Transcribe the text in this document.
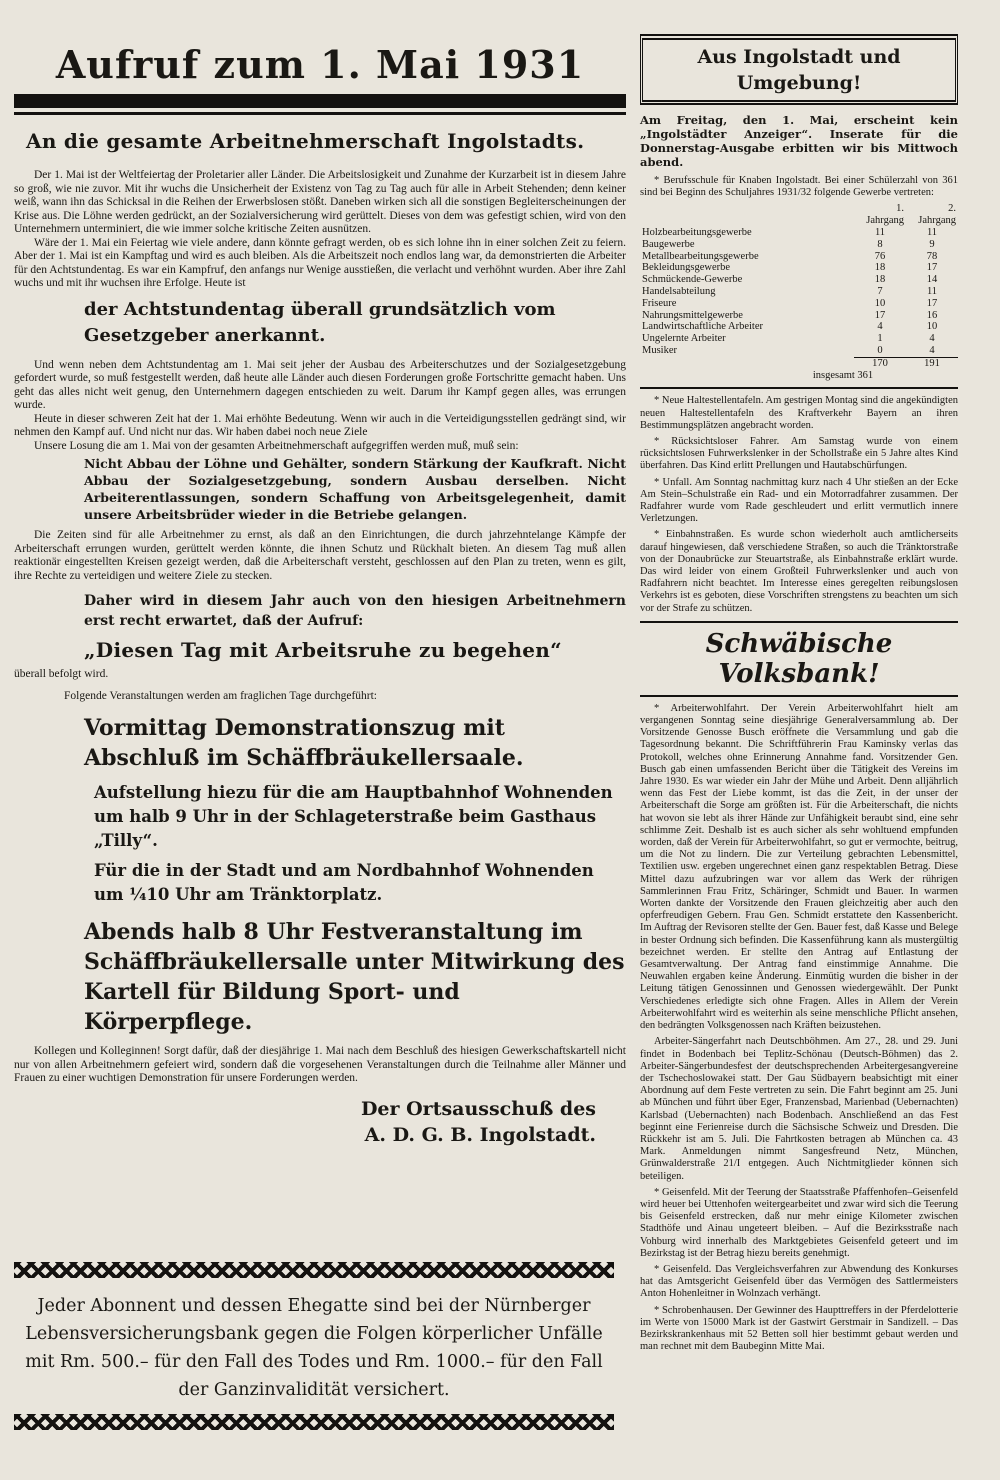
Aufruf zum 1. Mai 1931
An die gesamte Arbeitnehmerschaft Ingolstadts.

Der 1. Mai ist der Weltfeiertag der Proletarier aller Länder. Die Arbeitslosigkeit und Zunahme der Kurzarbeit ist in diesem Jahre so groß, wie nie zuvor. Mit ihr wuchs die Unsicherheit der Existenz von Tag zu Tag auch für alle in Arbeit Stehenden; denn keiner weiß, wann ihn das Schicksal in die Reihen der Erwerbslosen stößt. Daneben wirken sich all die sonstigen Begleiterscheinungen der Krise aus. Die Löhne werden gedrückt, an der Sozialversicherung wird gerüttelt. Dieses von dem was gefestigt schien, wird von den Unternehmern unterminiert, die wie immer solche kritische Zeiten ausnützen.

Wäre der 1. Mai ein Feiertag wie viele andere, dann könnte gefragt werden, ob es sich lohne ihn in einer solchen Zeit zu feiern. Aber der 1. Mai ist ein Kampftag und wird es auch bleiben. Als die Arbeitszeit noch endlos lang war, da demonstrierten die Arbeiter für den Achtstundentag. Es war ein Kampfruf, den anfangs nur Wenige ausstießen, die verlacht und verhöhnt wurden. Aber ihre Zahl wuchs und mit ihr wuchsen ihre Erfolge. Heute ist

der Achtstundentag überall grundsätzlich vom Gesetzgeber anerkannt.

Und wenn neben dem Achtstundentag am 1. Mai seit jeher der Ausbau des Arbeiterschutzes und der Sozialgesetzgebung gefordert wurde, so muß festgestellt werden, daß heute alle Länder auch diesen Forderungen große Fortschritte gemacht haben. Uns geht das alles nicht weit genug, den Unternehmern dagegen entschieden zu weit. Darum ihr Kampf gegen alles, was errungen wurde.

Heute in dieser schweren Zeit hat der 1. Mai erhöhte Bedeutung. Wenn wir auch in die Verteidigungsstellen gedrängt sind, wir nehmen den Kampf auf. Und nicht nur das. Wir haben dabei noch neue Ziele

Unsere Losung die am 1. Mai von der gesamten Arbeitnehmerschaft aufgegriffen werden muß, muß sein:

Nicht Abbau der Löhne und Gehälter, sondern Stärkung der Kaufkraft. Nicht Abbau der Sozialgesetzgebung, sondern Ausbau derselben. Nicht Arbeiterentlassungen, sondern Schaffung von Arbeitsgelegenheit, damit unsere Arbeitsbrüder wieder in die Betriebe gelangen.

Die Zeiten sind für alle Arbeitnehmer zu ernst, als daß an den Einrichtungen, die durch jahrzehntelange Kämpfe der Arbeiterschaft errungen wurden, gerüttelt werden könnte, die ihnen Schutz und Rückhalt bieten. An diesem Tag muß allen reaktionär eingestellten Kreisen gezeigt werden, daß die Arbeiterschaft versteht, geschlossen auf den Plan zu treten, wenn es gilt, ihre Rechte zu verteidigen und weitere Ziele zu stecken.

Daher wird in diesem Jahr auch von den hiesigen Arbeitnehmern erst recht erwartet, daß der Aufruf:
„Diesen Tag mit Arbeitsruhe zu begehen“

überall befolgt wird.

Folgende Veranstaltungen werden am fraglichen Tage durchgeführt:

Vormittag Demonstrationszug mit Abschluß im Schäffbräukellersaale.
Aufstellung hiezu für die am Hauptbahnhof Wohnenden um halb 9 Uhr in der Schlageterstraße beim Gasthaus „Tilly“.
Für die in der Stadt und am Nordbahnhof Wohnenden um ¼10 Uhr am Tränktorplatz.
Abends halb 8 Uhr Festveranstaltung im Schäffbräukellersalle unter Mitwirkung des Kartell für Bildung Sport- und Körperpflege.

Kollegen und Kolleginnen! Sorgt dafür, daß der diesjährige 1. Mai nach dem Beschluß des hiesigen Gewerkschaftskartell nicht nur von allen Arbeitnehmern gefeiert wird, sondern daß die vorgesehenen Veranstaltungen durch die Teilnahme aller Männer und Frauen zu einer wuchtigen Demonstration für unsere Forderungen werden.

Der Ortsausschuß des
A. D. G. B. Ingolstadt.
Jeder Abonnent und dessen Ehegatte sind bei der Nürnberger Lebensversicherungsbank gegen die Folgen körperlicher Unfälle mit Rm. 500.– für den Fall des Todes und Rm. 1000.– für den Fall der Ganzinvalidität versichert.
Aus Ingolstadt und Umgebung!
Am Freitag, den 1. Mai, erscheint kein „Ingolstädter Anzeiger“. Inserate für die Donnerstag-Ausgabe erbitten wir bis Mittwoch abend.

* Berufsschule für Knaben Ingolstadt. Bei einer Schülerzahl von 361 sind bei Beginn des Schuljahres 1931/32 folgende Gewerbe vertreten:

	1. Jahrgang	2. Jahrgang
Holzbearbeitungsgewerbe	11	11
Baugewerbe	8	9
Metallbearbeitungsgewerbe	76	78
Bekleidungsgewerbe	18	17
Schmückende-Gewerbe	18	14
Handelsabteilung	7	11
Friseure	10	17
Nahrungsmittelgewerbe	17	16
Landwirtschaftliche Arbeiter	4	10
Ungelernte Arbeiter	1	4
Musiker	0	4
	170	191
insgesamt 361		

* Neue Haltestellentafeln. Am gestrigen Montag sind die angekündigten neuen Haltestellentafeln des Kraftverkehr Bayern an ihren Bestimmungsplätzen angebracht worden.

* Rücksichtsloser Fahrer. Am Samstag wurde von einem rücksichtslosen Fuhrwerkslenker in der Schollstraße ein 5 Jahre altes Kind überfahren. Das Kind erlitt Prellungen und Hautabschürfungen.

* Unfall. Am Sonntag nachmittag kurz nach 4 Uhr stießen an der Ecke Am Stein–Schulstraße ein Rad- und ein Motorradfahrer zusammen. Der Radfahrer wurde vom Rade geschleudert und erlitt vermutlich innere Verletzungen.

* Einbahnstraßen. Es wurde schon wiederholt auch amtlicherseits darauf hingewiesen, daß verschiedene Straßen, so auch die Tränktorstraße von der Donaubrücke zur Steuartstraße, als Einbahnstraße erklärt wurde. Das wird leider von einem Großteil Fuhrwerkslenker und auch von Radfahrern nicht beachtet. Im Interesse eines geregelten reibungslosen Verkehrs ist es geboten, diese Vorschriften strengstens zu beachten um sich vor der Strafe zu schützen.

Schwäbische Volksbank!

* Arbeiterwohlfahrt. Der Verein Arbeiterwohlfahrt hielt am vergangenen Sonntag seine diesjährige Generalversammlung ab. Der Vorsitzende Genosse Busch eröffnete die Versammlung und gab die Tagesordnung bekannt. Die Schriftführerin Frau Kaminsky verlas das Protokoll, welches ohne Erinnerung Annahme fand. Vorsitzender Gen. Busch gab einen umfassenden Bericht über die Tätigkeit des Vereins im Jahre 1930. Es war wieder ein Jahr der Mühe und Arbeit. Denn alljährlich wenn das Fest der Liebe kommt, ist das die Zeit, in der unser der Arbeiterschaft die Sorge am größten ist. Für die Arbeiterschaft, die nichts hat wovon sie lebt als ihrer Hände zur Unfähigkeit beraubt sind, eine sehr schlimme Zeit. Deshalb ist es auch sicher als sehr wohltuend empfunden worden, daß der Verein für Arbeiterwohlfahrt, so gut er vermochte, beitrug, um die Not zu lindern. Die zur Verteilung gebrachten Lebensmittel, Textilien usw. ergeben ungerechnet einen ganz respektablen Betrag. Diese Mittel dazu aufzubringen war vor allem das Werk der rührigen Sammlerinnen Frau Fritz, Schäringer, Schmidt und Bauer. In warmen Worten dankte der Vorsitzende den Frauen gleichzeitig aber auch den opferfreudigen Gebern. Frau Gen. Schmidt erstattete den Kassenbericht. Im Auftrag der Revisoren stellte der Gen. Bauer fest, daß Kasse und Belege in bester Ordnung sich befinden. Die Kassenführung kann als mustergültig bezeichnet werden. Er stellte den Antrag auf Entlastung der Gesamtverwaltung. Der Antrag fand einstimmige Annahme. Die Neuwahlen ergaben keine Änderung. Einmütig wurden die bisher in der Leitung tätigen Genossinnen und Genossen wiedergewählt. Der Punkt Verschiedenes erledigte sich ohne Fragen. Alles in Allem der Verein Arbeiterwohlfahrt wird es weiterhin als seine menschliche Pflicht ansehen, den bedrängten Volksgenossen nach Kräften beizustehen.

Arbeiter-Sängerfahrt nach Deutschböhmen. Am 27., 28. und 29. Juni findet in Bodenbach bei Teplitz-Schönau (Deutsch-Böhmen) das 2. Arbeiter-Sängerbundesfest der deutschsprechenden Arbeitergesangvereine der Tschechoslowakei statt. Der Gau Südbayern beabsichtigt mit einer Abordnung auf dem Feste vertreten zu sein. Die Fahrt beginnt am 25. Juni ab München und führt über Eger, Franzensbad, Marienbad (Uebernachten) Karlsbad (Uebernachten) nach Bodenbach. Anschließend an das Fest beginnt eine Ferienreise durch die Sächsische Schweiz und Dresden. Die Rückkehr ist am 5. Juli. Die Fahrtkosten betragen ab München ca. 43 Mark. Anmeldungen nimmt Sangesfreund Netz, München, Grünwalderstraße 21/I entgegen. Auch Nichtmitglieder können sich beteiligen.

* Geisenfeld. Mit der Teerung der Staatsstraße Pfaffenhofen–Geisenfeld wird heuer bei Uttenhofen weitergearbeitet und zwar wird sich die Teerung bis Geisenfeld erstrecken, daß nur mehr einige Kilometer zwischen Stadthöfe und Ainau ungeteert bleiben. – Auf die Bezirksstraße nach Vohburg wird innerhalb des Marktgebietes Geisenfeld geteert und im Bezirkstag ist der Betrag hiezu bereits genehmigt.

* Geisenfeld. Das Vergleichsverfahren zur Abwendung des Konkurses hat das Amtsgericht Geisenfeld über das Vermögen des Sattlermeisters Anton Hohenleitner in Wolnzach verhängt.

* Schrobenhausen. Der Gewinner des Haupttreffers in der Pferdelotterie im Werte von 15000 Mark ist der Gastwirt Gerstmair in Sandizell. – Das Bezirkskrankenhaus mit 52 Betten soll hier bestimmt gebaut werden und man rechnet mit dem Baubeginn Mitte Mai.
